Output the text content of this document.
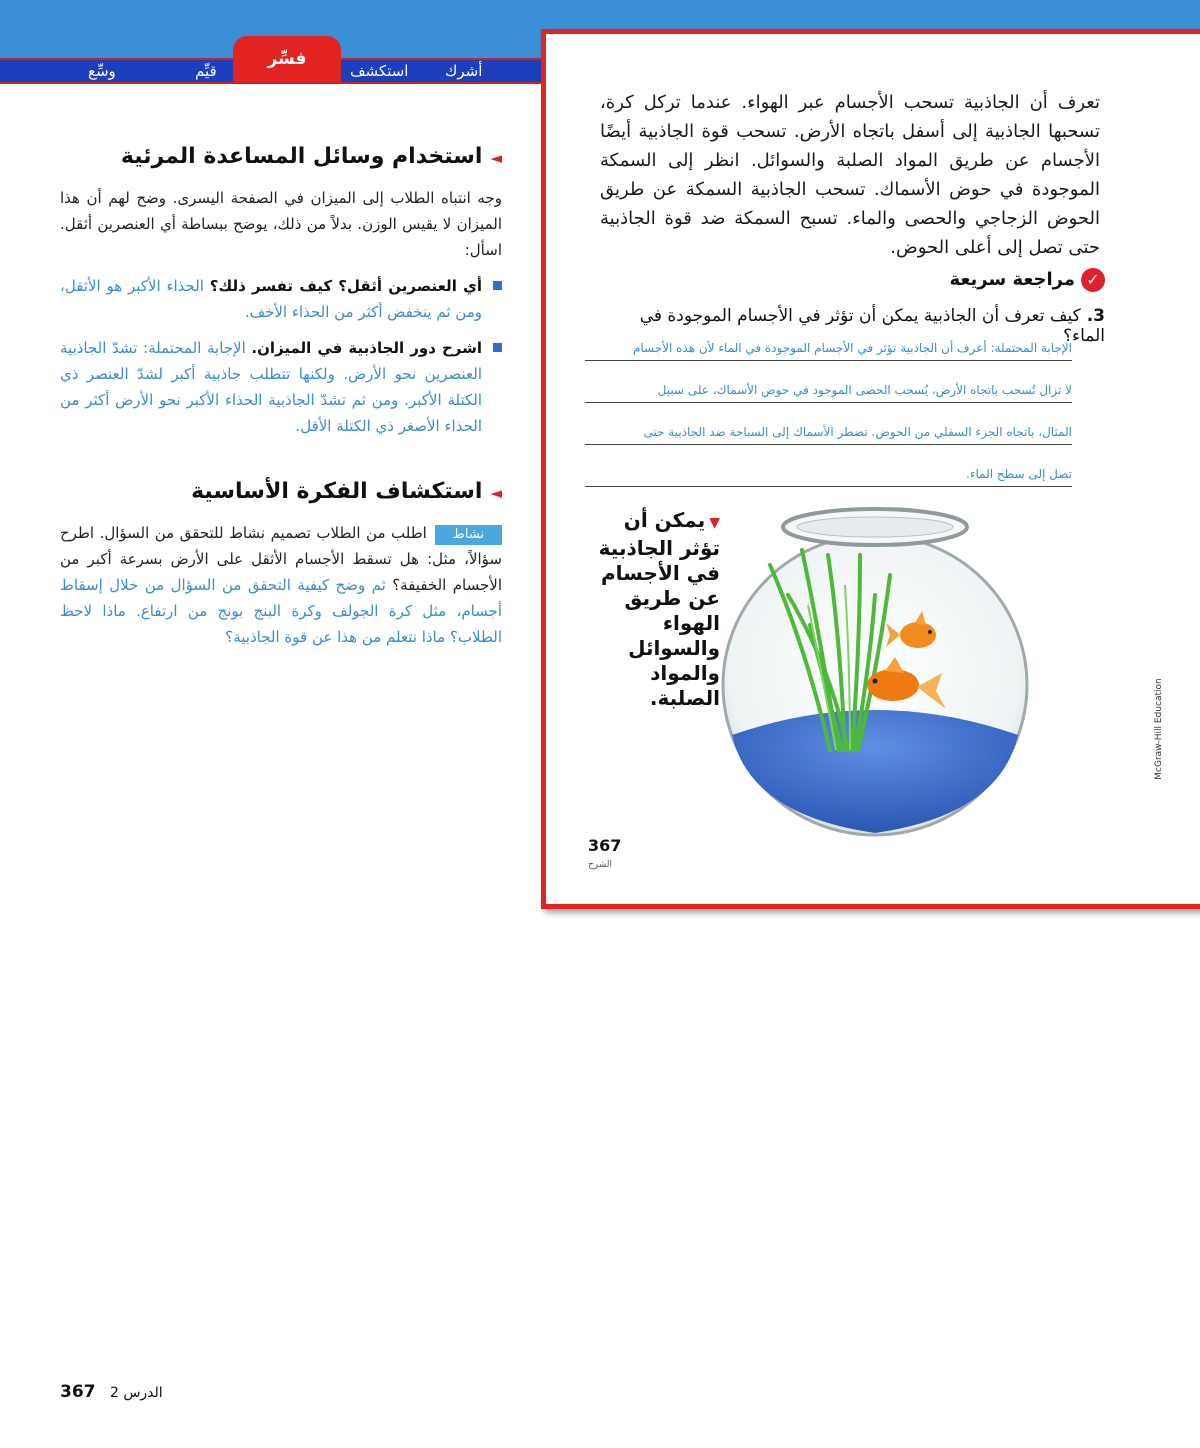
أشرك
استكشف
قيِّم
وسِّع
فسِّر
◄استخدام وسائل المساعدة المرئية

وجه انتباه الطلاب إلى الميزان في الصفحة اليسرى. وضح لهم أن هذا الميزان لا يقيس الوزن. بدلاً من ذلك، يوضح ببساطة أي العنصرين أثقل. اسأل:

أي العنصرين أثقل؟ كيف تفسر ذلك؟ الحذاء الأكبر هو الأثقل، ومن ثم ينخفض أكثر من الحذاء الأخف.
اشرح دور الجاذبية في الميزان. الإجابة المحتملة: تشدّ الجاذبية العنصرين نحو الأرض. ولكنها تتطلب جاذبية أكبر لشدّ العنصر ذي الكتلة الأكبر. ومن ثم تشدّ الجاذبية الحذاء الأكبر نحو الأرض أكثر من الحذاء الأصغر ذي الكتلة الأقل.
◄استكشاف الفكرة الأساسية

نشاطاطلب من الطلاب تصميم نشاط للتحقق من السؤال. اطرح سؤالاً، مثل: هل تسقط الأجسام الأثقل على الأرض بسرعة أكبر من الأجسام الخفيفة؟ ثم وضح كيفية التحقق من السؤال من خلال إسقاط أجسام، مثل كرة الجولف وكرة البنج بونج من ارتفاع. ماذا لاحظ الطلاب؟ ماذا نتعلم من هذا عن قوة الجاذبية؟

تعرف أن الجاذبية تسحب الأجسام عبر الهواء. عندما تركل كرة، تسحبها الجاذبية إلى أسفل باتجاه الأرض. تسحب قوة الجاذبية أيضًا الأجسام عن طريق المواد الصلبة والسوائل. انظر إلى السمكة الموجودة في حوض الأسماك. تسحب الجاذبية السمكة عن طريق الحوض الزجاجي والحصى والماء. تسبح السمكة ضد قوة الجاذبية حتى تصل إلى أعلى الحوض.
✓مراجعة سريعة
3.كيف تعرف أن الجاذبية يمكن أن تؤثر في الأجسام الموجودة في الماء؟
الإجابة المحتملة: أعرف أن الجاذبية تؤثر في الأجسام الموجودة في الماء لأن هذه الأجسام
لا تزال تُسحب باتجاه الأرض، يُسحب الحصى الموجود في حوض الأسماك، على سبيل
المثال، باتجاه الجزء السفلي من الحوض. تضطر الأسماك إلى السباحة ضد الجاذبية حتى
تصل إلى سطح الماء.
▼يمكن أن تؤثر الجاذبية في الأجسام عن طريق الهواء والسوائل والمواد الصلبة.
367
الشرح
McGraw-Hill Education
الدرس 2 367
